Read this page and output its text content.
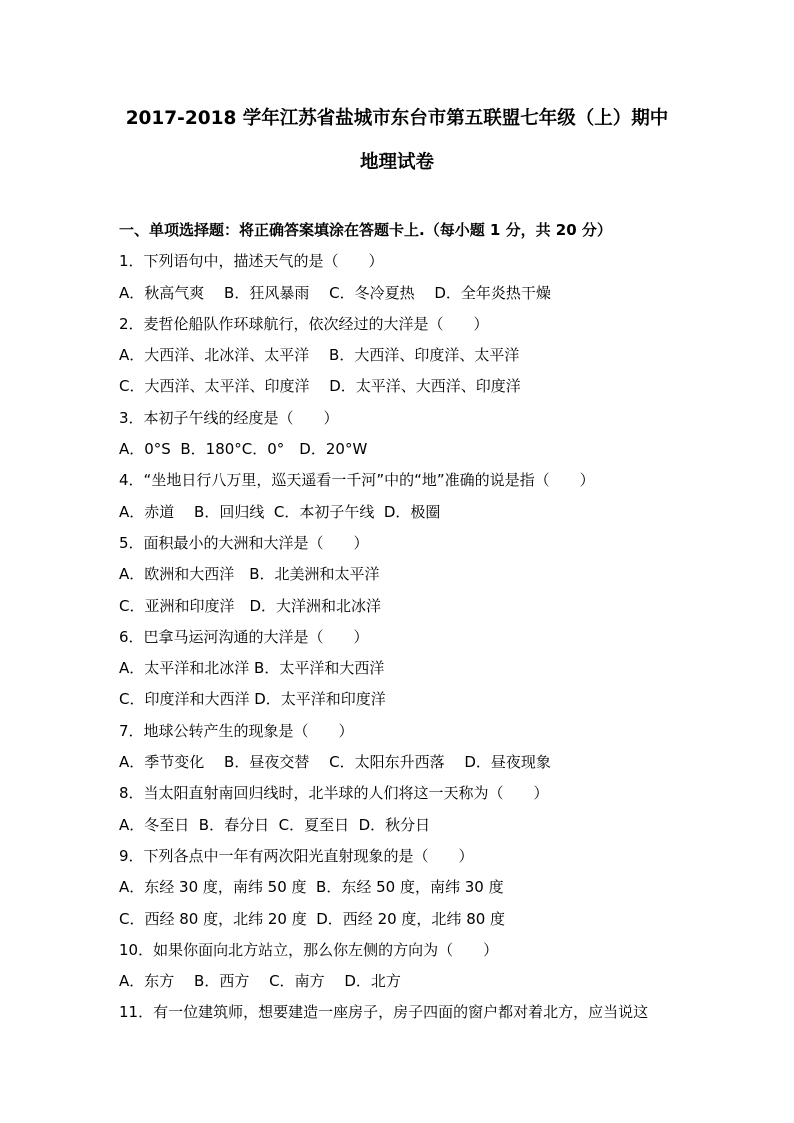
2017-2018 学年江苏省盐城市东台市第五联盟七年级（上）期中
地理试卷
一、单项选择题：将正确答案填涂在答题卡上.（每小题 1 分，共 20 分）
1．下列语句中，描述天气的是（　　）
A．秋高气爽　 B．狂风暴雨　 C．冬冷夏热　 D．全年炎热干燥
2．麦哲伦船队作环球航行，依次经过的大洋是（　　）
A．大西洋、北冰洋、太平洋　 B．大西洋、印度洋、太平洋
C．大西洋、太平洋、印度洋　 D．太平洋、大西洋、印度洋
3．本初子午线的经度是（　　）
A．0°S  B．180°C．0°　D．20°W
4．“坐地日行八万里，巡天遥看一千河”中的“地”准确的说是指（　　）
A．赤道　 B．回归线  C．本初子午线  D．极圈
5．面积最小的大洲和大洋是（　　）
A．欧洲和大西洋　B．北美洲和太平洋
C．亚洲和印度洋　D．大洋洲和北冰洋
6．巴拿马运河沟通的大洋是（　　）
A．太平洋和北冰洋 B．太平洋和大西洋
C．印度洋和大西洋 D．太平洋和印度洋
7．地球公转产生的现象是（　　）
A．季节变化　 B．昼夜交替　 C．太阳东升西落　 D．昼夜现象
8．当太阳直射南回归线时，北半球的人们将这一天称为（　　）
A．冬至日  B．春分日  C．夏至日  D．秋分日
9．下列各点中一年有两次阳光直射现象的是（　　）
A．东经 30 度，南纬 50 度  B．东经 50 度，南纬 30 度
C．西经 80 度，北纬 20 度  D．西经 20 度，北纬 80 度
10．如果你面向北方站立，那么你左侧的方向为（　　）
A．东方　 B．西方　 C．南方　 D．北方
11．有一位建筑师，想要建造一座房子，房子四面的窗户都对着北方，应当说这
